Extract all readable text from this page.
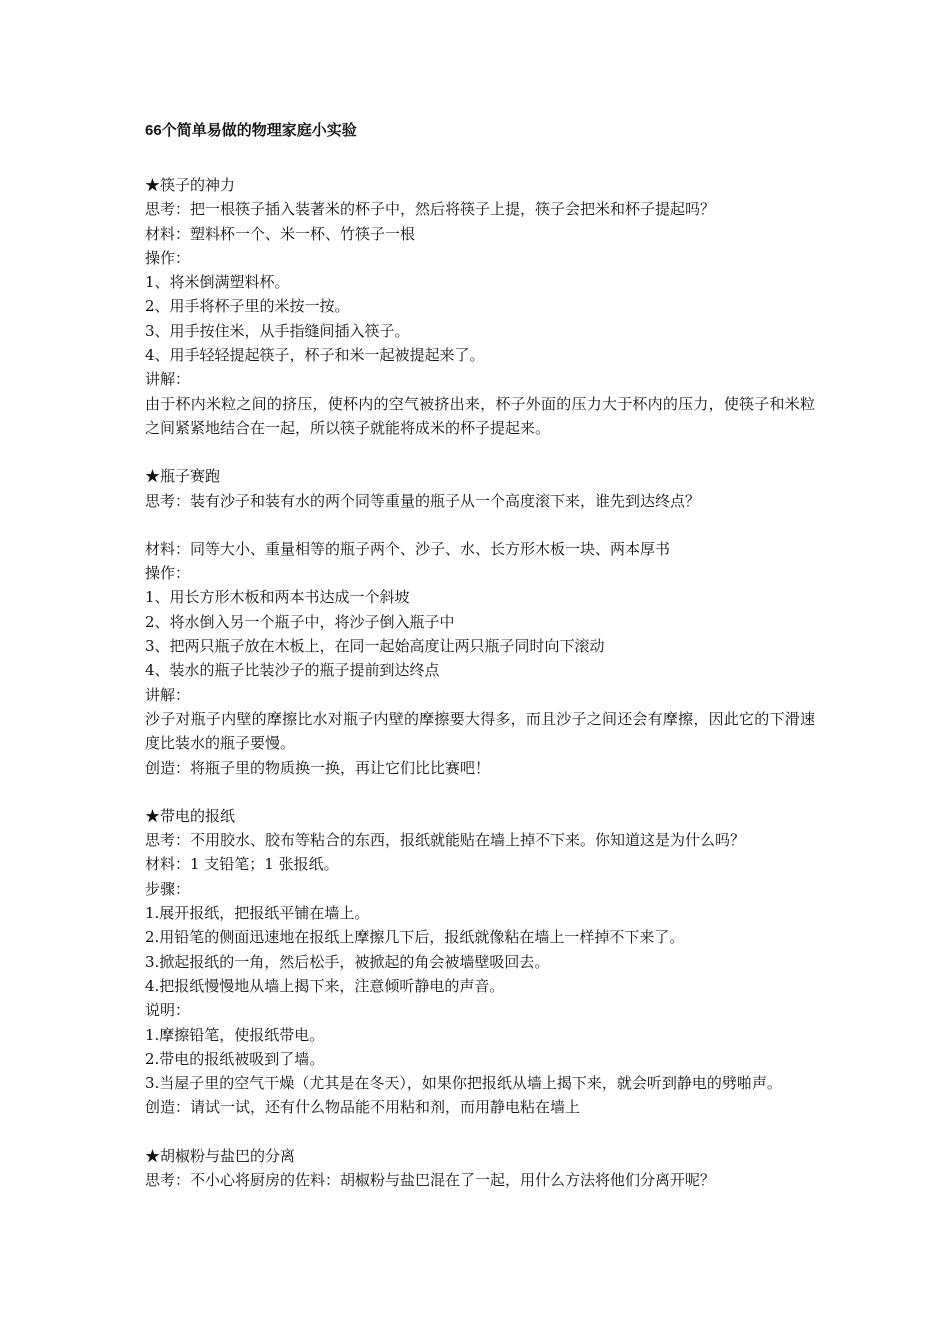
66个简单易做的物理家庭小实验
★筷子的神力
思考：把一根筷子插入装著米的杯子中，然后将筷子上提，筷子会把米和杯子提起吗？
材料：塑料杯一个、米一杯、竹筷子一根
操作：
1、将米倒满塑料杯。
2、用手将杯子里的米按一按。
3、用手按住米，从手指缝间插入筷子。
4、用手轻轻提起筷子，杯子和米一起被提起来了。
讲解：
由于杯内米粒之间的挤压，使杯内的空气被挤出来，杯子外面的压力大于杯内的压力，使筷子和米粒之间紧紧地结合在一起，所以筷子就能将成米的杯子提起来。
★瓶子赛跑
思考：装有沙子和装有水的两个同等重量的瓶子从一个高度滚下来，谁先到达终点？
材料：同等大小、重量相等的瓶子两个、沙子、水、长方形木板一块、两本厚书
操作：
1、用长方形木板和两本书达成一个斜坡
2、将水倒入另一个瓶子中，将沙子倒入瓶子中
3、把两只瓶子放在木板上，在同一起始高度让两只瓶子同时向下滚动
4、装水的瓶子比装沙子的瓶子提前到达终点
讲解：
沙子对瓶子内壁的摩擦比水对瓶子内壁的摩擦要大得多，而且沙子之间还会有摩擦，因此它的下滑速度比装水的瓶子要慢。
创造：将瓶子里的物质换一换，再让它们比比赛吧！
★带电的报纸
思考：不用胶水、胶布等粘合的东西，报纸就能贴在墙上掉不下来。你知道这是为什么吗？
材料：1 支铅笔；1 张报纸。
步骤：
1.展开报纸，把报纸平铺在墙上。
2.用铅笔的侧面迅速地在报纸上摩擦几下后，报纸就像粘在墙上一样掉不下来了。
3.掀起报纸的一角，然后松手，被掀起的角会被墙壁吸回去。
4.把报纸慢慢地从墙上揭下来，注意倾听静电的声音。
说明：
1.摩擦铅笔，使报纸带电。
2.带电的报纸被吸到了墙。
3.当屋子里的空气干燥（尤其是在冬天），如果你把报纸从墙上揭下来，就会听到静电的劈啪声。
创造：请试一试，还有什么物品能不用粘和剂，而用静电粘在墙上
★胡椒粉与盐巴的分离
思考：不小心将厨房的佐料：胡椒粉与盐巴混在了一起，用什么方法将他们分离开呢？
